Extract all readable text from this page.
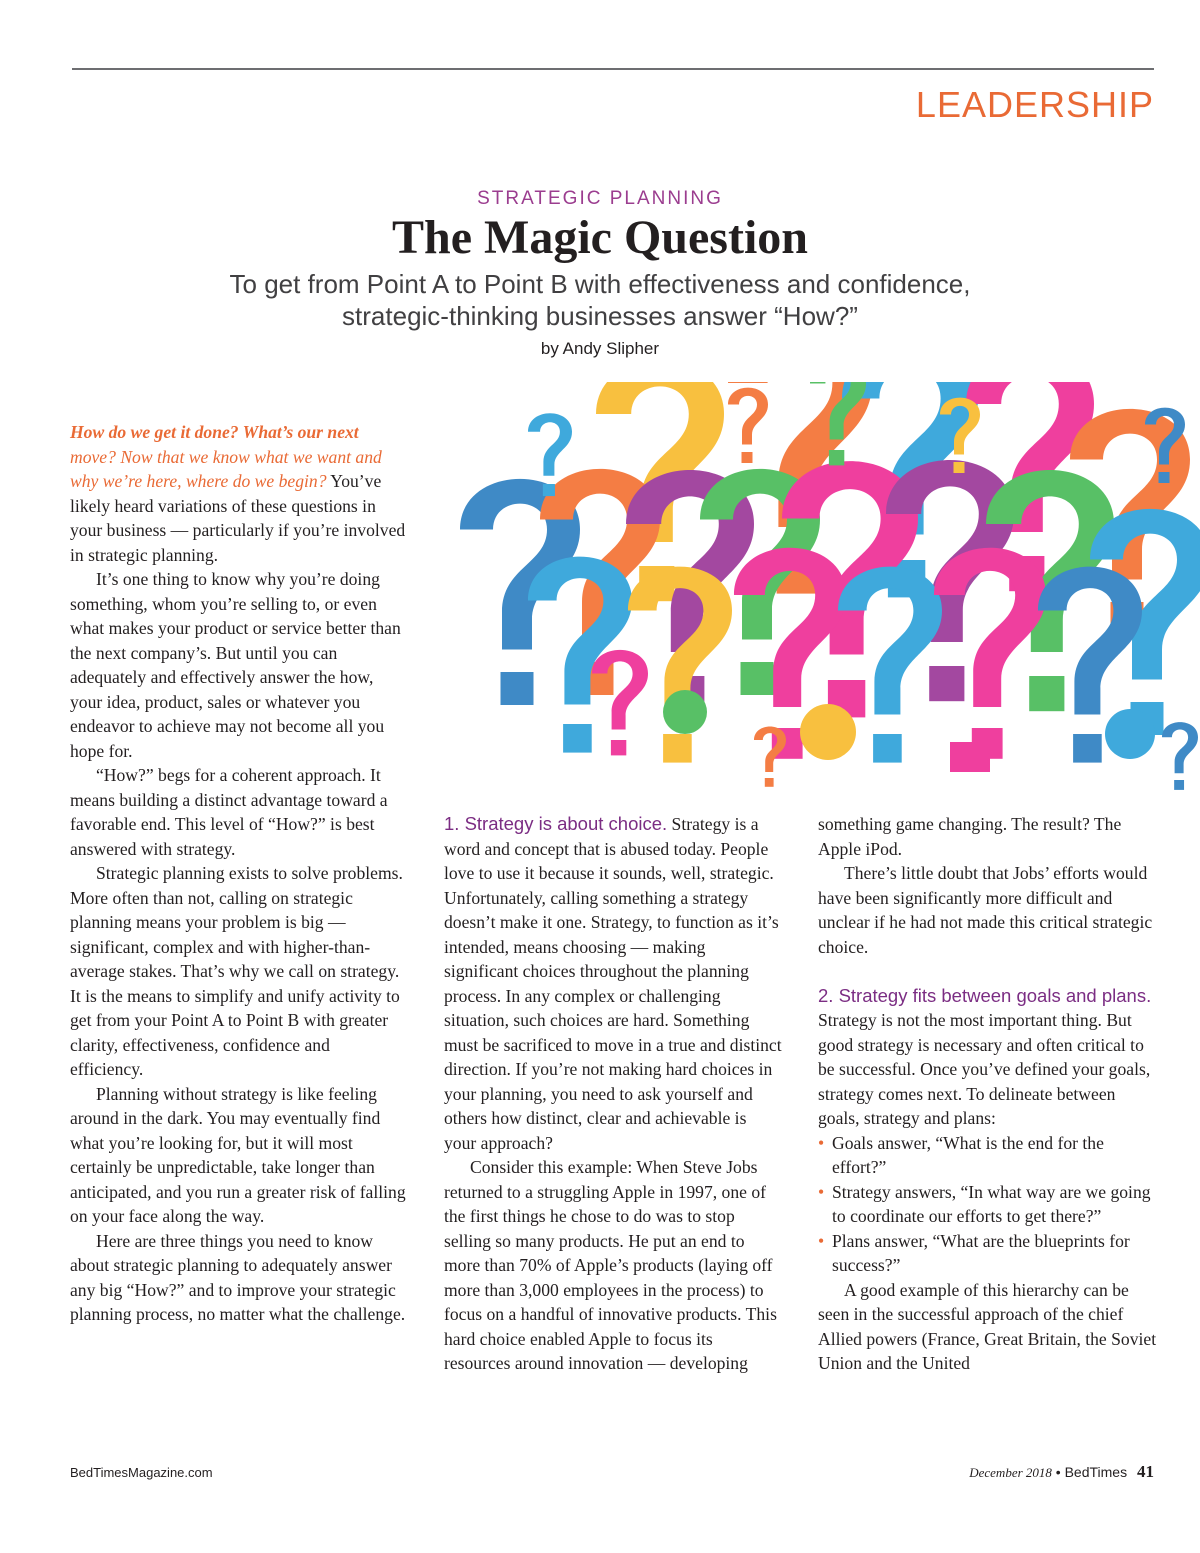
LEADERSHIP
STRATEGIC PLANNING
The Magic Question
To get from Point A to Point B with effectiveness and confidence,
strategic-thinking businesses answer “How?”
by Andy Slipher

How do we get it done? What’s our next move? Now that we know what we want and why we’re here, where do we begin? You’ve likely heard variations of these questions in your business — particularly if you’re involved in strategic planning.

It’s one thing to know why you’re doing something, whom you’re selling to, or even what makes your product or service better than the next company’s. But until you can adequately and effectively answer the how, your idea, product, sales or whatever you endeavor to achieve may not become all you hope for.

“How?” begs for a coherent approach. It means building a distinct advantage toward a favorable end. This level of “How?” is best answered with strategy.

Strategic planning exists to solve problems. More often than not, calling on strategic planning means your problem is big — significant, complex and with higher-than-average stakes. That’s why we call on strategy. It is the means to simplify and unify activity to get from your Point A to Point B with greater clarity, effectiveness, confidence and efficiency.

Planning without strategy is like feeling around in the dark. You may eventually find what you’re looking for, but it will most certainly be unpredictable, take longer than anticipated, and you run a greater risk of falling on your face along the way.

Here are three things you need to know about strategic planning to adequately answer any big “How?” and to improve your strategic planning process, no matter what the challenge.

1. Strategy is about choice. Strategy is a word and concept that is abused today. People love to use it because it sounds, well, strategic. Unfortunately, calling something a strategy doesn’t make it one. Strategy, to function as it’s intended, means choosing — making significant choices throughout the planning process. In any complex or challenging situation, such choices are hard. Something must be sacrificed to move in a true and distinct direction. If you’re not making hard choices in your planning, you need to ask yourself and others how distinct, clear and achievable is your approach?

Consider this example: When Steve Jobs returned to a struggling Apple in 1997, one of the first things he chose to do was to stop selling so many products. He put an end to more than 70% of Apple’s products (laying off more than 3,000 employees in the process) to focus on a handful of innovative products. This hard choice enabled Apple to focus its resources around innovation — developing

something game changing. The result? The Apple iPod.

There’s little doubt that Jobs’ efforts would have been significantly more difficult and unclear if he had not made this critical strategic choice.

2. Strategy fits between goals and plans. Strategy is not the most important thing. But good strategy is necessary and often critical to be successful. Once you’ve defined your goals, strategy comes next. To delineate between goals, strategy and plans:

• Goals answer, “What is the end for the effort?”
• Strategy answers, “In what way are we going to coordinate our efforts to get there?”
• Plans answer, “What are the blueprints for success?”

A good example of this hierarchy can be seen in the successful approach of the chief Allied powers (France, Great Britain, the Soviet Union and the United

BedTimesMagazine.com	December 2018 • BedTimes 41
